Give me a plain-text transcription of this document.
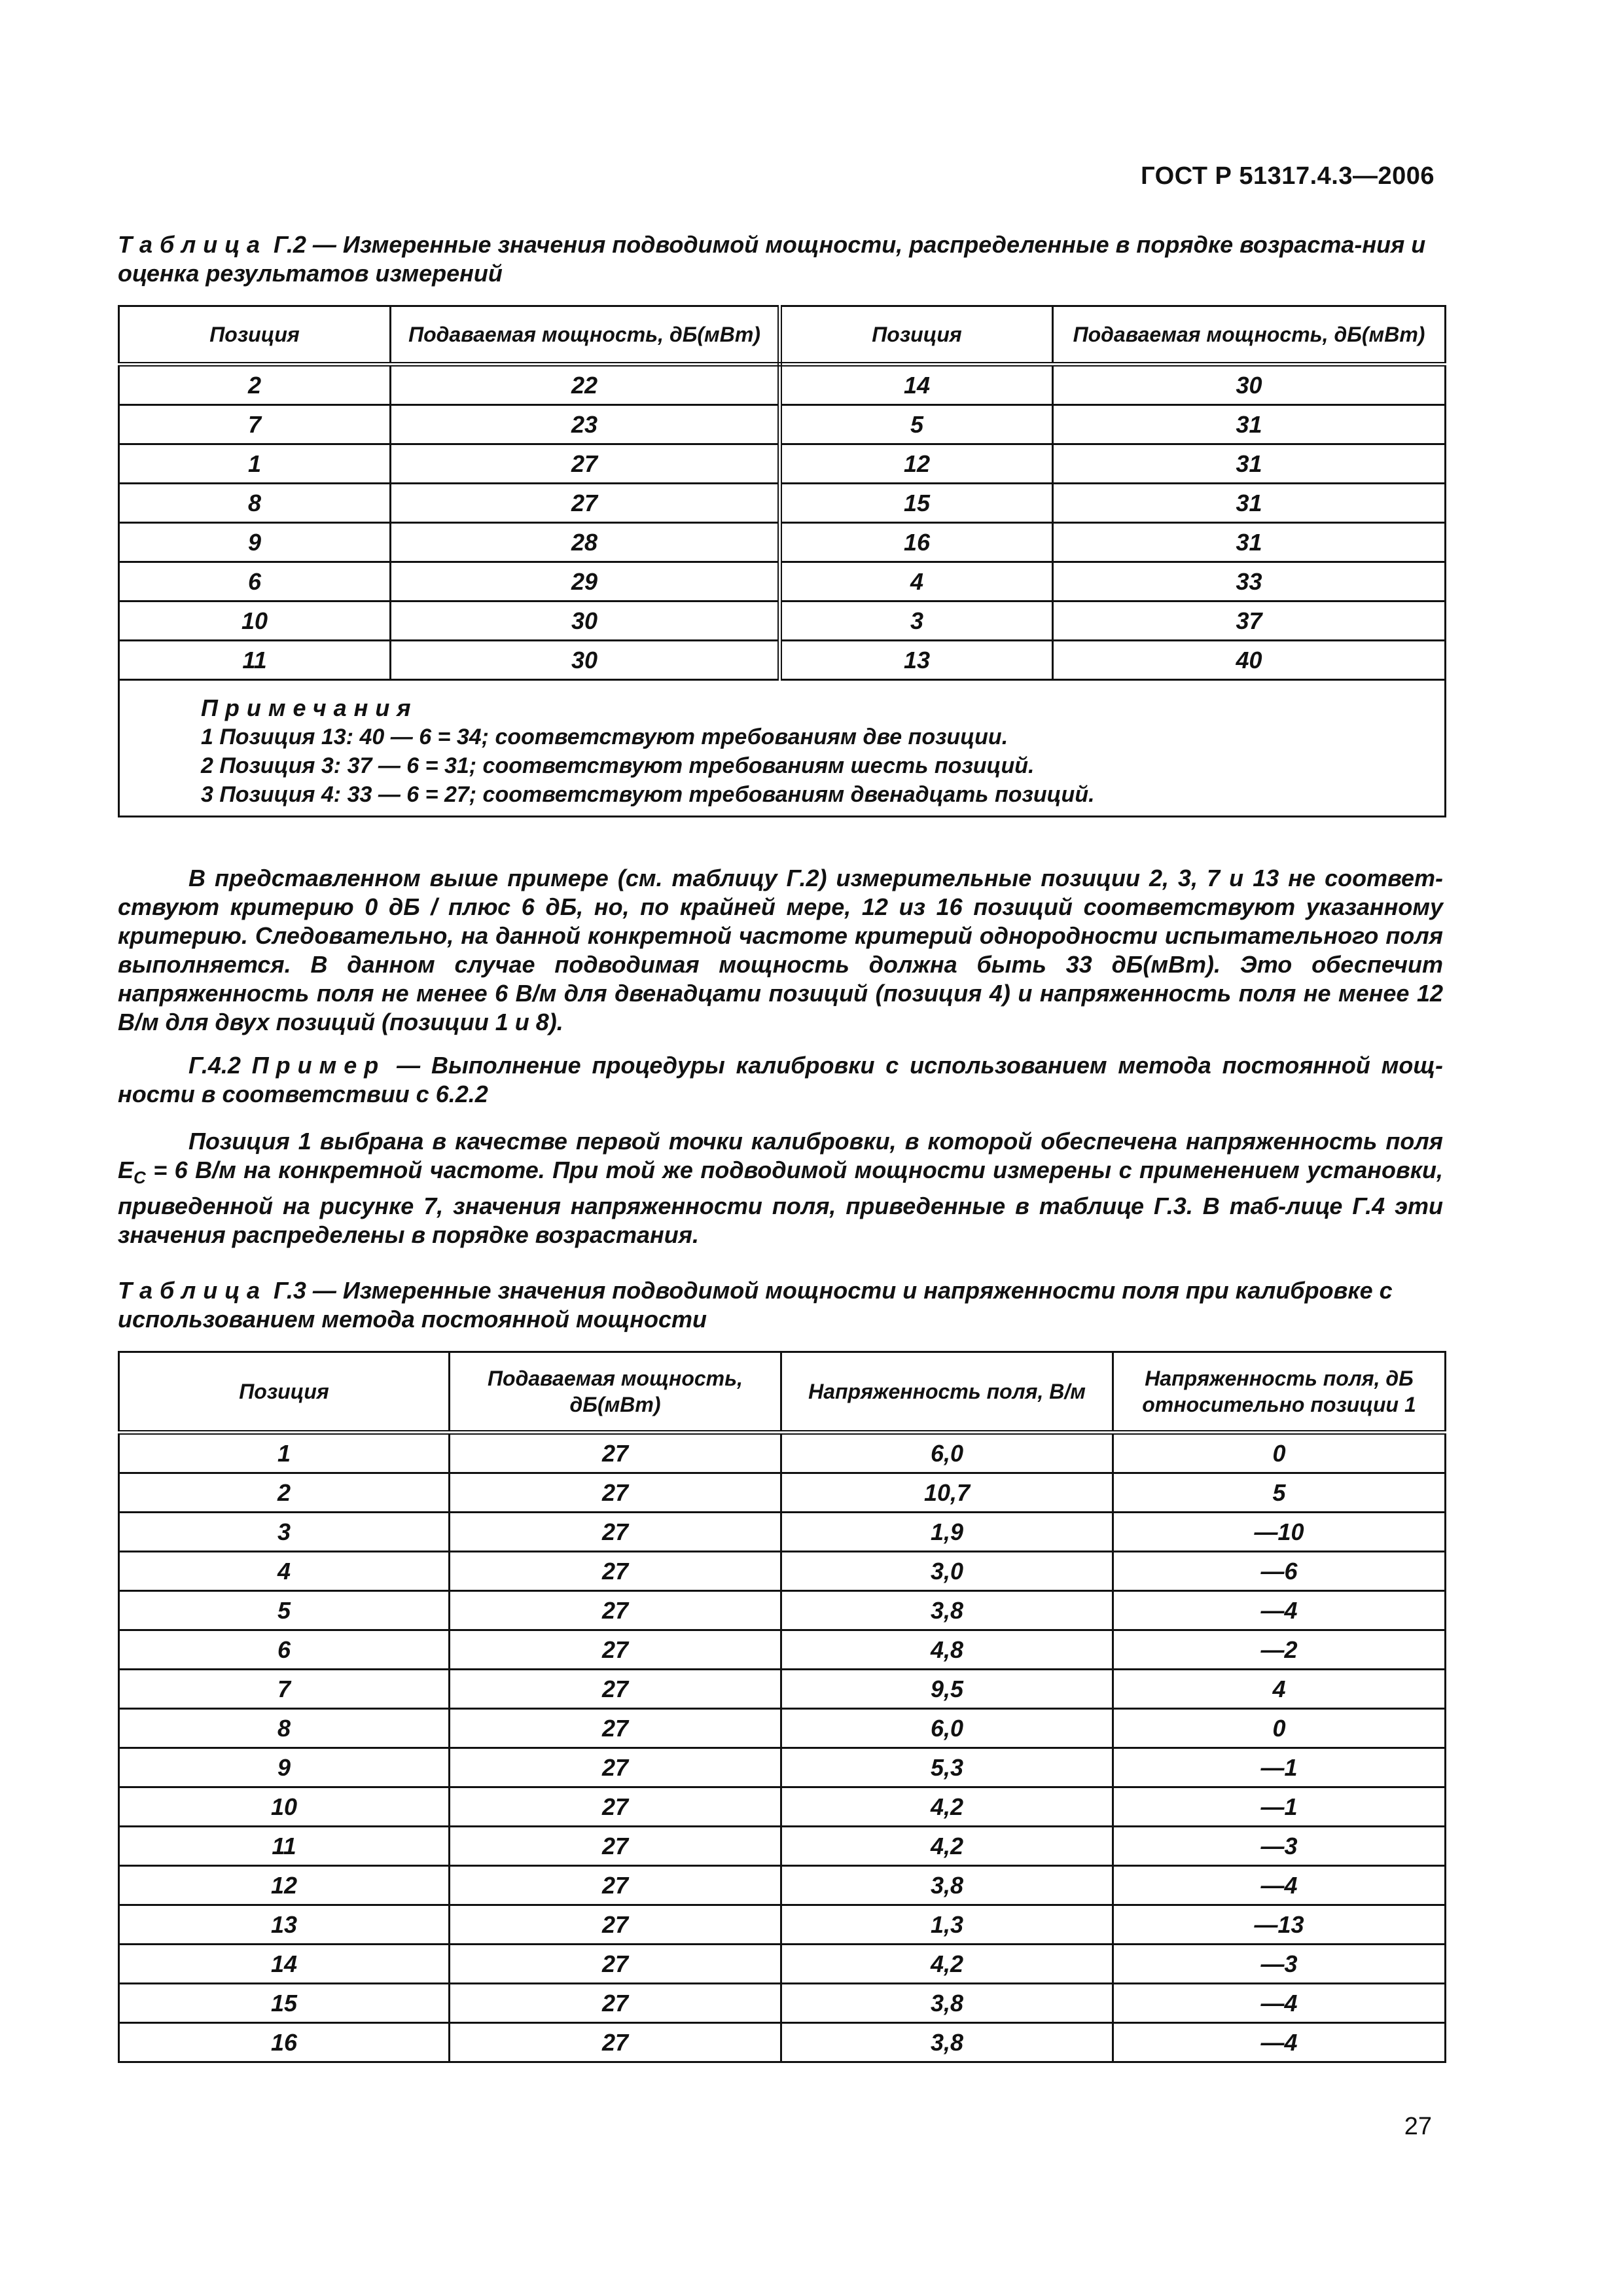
ГОСТ Р 51317.4.3—2006
Таблица Г.2 — Измеренные значения подводимой мощности, распределенные в порядке возраста-ния и оценка результатов измерений
Позиция	Подаваемая мощность, дБ(мВт)	Позиция	Подаваемая мощность, дБ(мВт)
2	22	14	30
7	23	5	31
1	27	12	31
8	27	15	31
9	28	16	31
6	29	4	33
10	30	3	37
11	30	13	40

Примечания
1 Позиция 13: 40 — 6 = 34; соответствуют требованиям две позиции.
2 Позиция 3: 37 — 6 = 31; соответствуют требованиям шесть позиций.
3 Позиция 4: 33 — 6 = 27; соответствуют требованиям двенадцать позиций.			
В представленном выше примере (см. таблицу Г.2) измерительные позиции 2, 3, 7 и 13 не соответ-ствуют критерию 0 дБ / плюс 6 дБ, но, по крайней мере, 12 из 16 позиций соответствуют указанному критерию. Следовательно, на данной конкретной частоте критерий однородности испытательного поля выполняется. В данном случае подводимая мощность должна быть 33 дБ(мВт). Это обеспечит напряженность поля не менее 6 В/м для двенадцати позиций (позиция 4) и напряженность поля не менее 12 В/м для двух позиций (позиции 1 и 8).
Г.4.2 Пример — Выполнение процедуры калибровки с использованием метода постоянной мощ-ности в соответствии с 6.2.2
Позиция 1 выбрана в качестве первой точки калибровки, в которой обеспечена напряженность поля $E_C = 6$ В/м на конкретной частоте. При той же подводимой мощности измерены с применением установки, приведенной на рисунке 7, значения напряженности поля, приведенные в таблице Г.3. В таб-лице Г.4 эти значения распределены в порядке возрастания.
Таблица Г.3 — Измеренные значения подводимой мощности и напряженности поля при калибровке с использованием метода постоянной мощности
Позиция	Подаваемая мощность, дБ(мВт)	Напряженность поля, В/м	Напряженность поля, дБ относительно позиции 1
1	27	6,0	0
2	27	10,7	5
3	27	1,9	—10
4	27	3,0	—6
5	27	3,8	—4
6	27	4,8	—2
7	27	9,5	4
8	27	6,0	0
9	27	5,3	—1
10	27	4,2	—1
11	27	4,2	—3
12	27	3,8	—4
13	27	1,3	—13
14	27	4,2	—3
15	27	3,8	—4
16	27	3,8	—4
27
